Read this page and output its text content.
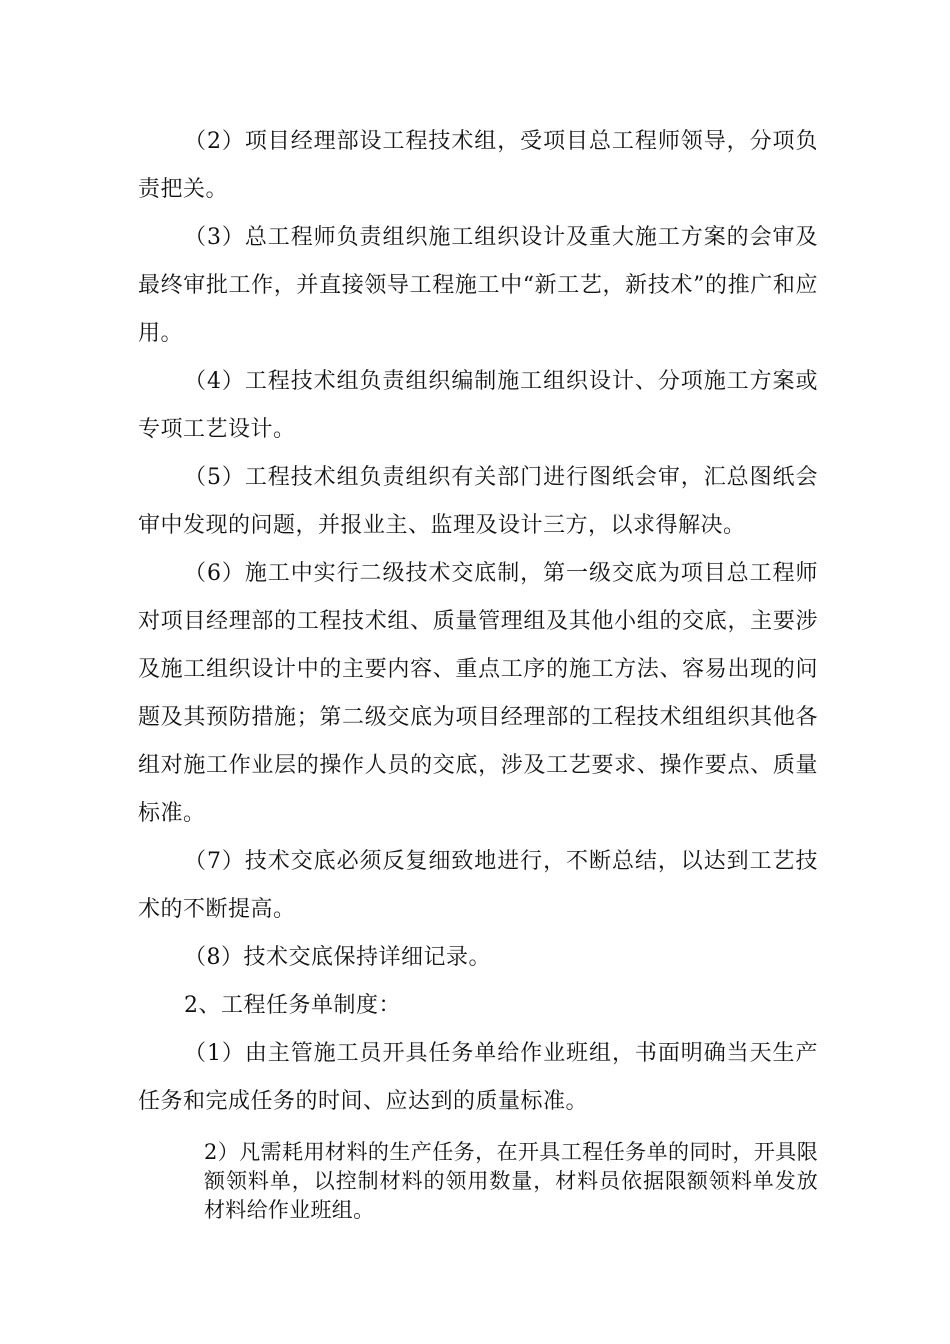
（2）项目经理部设工程技术组，受项目总工程师领导，分项负责把关。

（3）总工程师负责组织施工组织设计及重大施工方案的会审及最终审批工作，并直接领导工程施工中“新工艺，新技术”的推广和应用。

（4）工程技术组负责组织编制施工组织设计、分项施工方案或专项工艺设计。

（5）工程技术组负责组织有关部门进行图纸会审，汇总图纸会审中发现的问题，并报业主、监理及设计三方，以求得解决。

（6）施工中实行二级技术交底制，第一级交底为项目总工程师对项目经理部的工程技术组、质量管理组及其他小组的交底，主要涉及施工组织设计中的主要内容、重点工序的施工方法、容易出现的问题及其预防措施；第二级交底为项目经理部的工程技术组组织其他各组对施工作业层的操作人员的交底，涉及工艺要求、操作要点、质量标准。

（7）技术交底必须反复细致地进行，不断总结，以达到工艺技术的不断提高。

（8）技术交底保持详细记录。

2、工程任务单制度：

（1）由主管施工员开具任务单给作业班组，书面明确当天生产任务和完成任务的时间、应达到的质量标准。

2）凡需耗用材料的生产任务，在开具工程任务单的同时，开具限额领料单，以控制材料的领用数量，材料员依据限额领料单发放材料给作业班组。
